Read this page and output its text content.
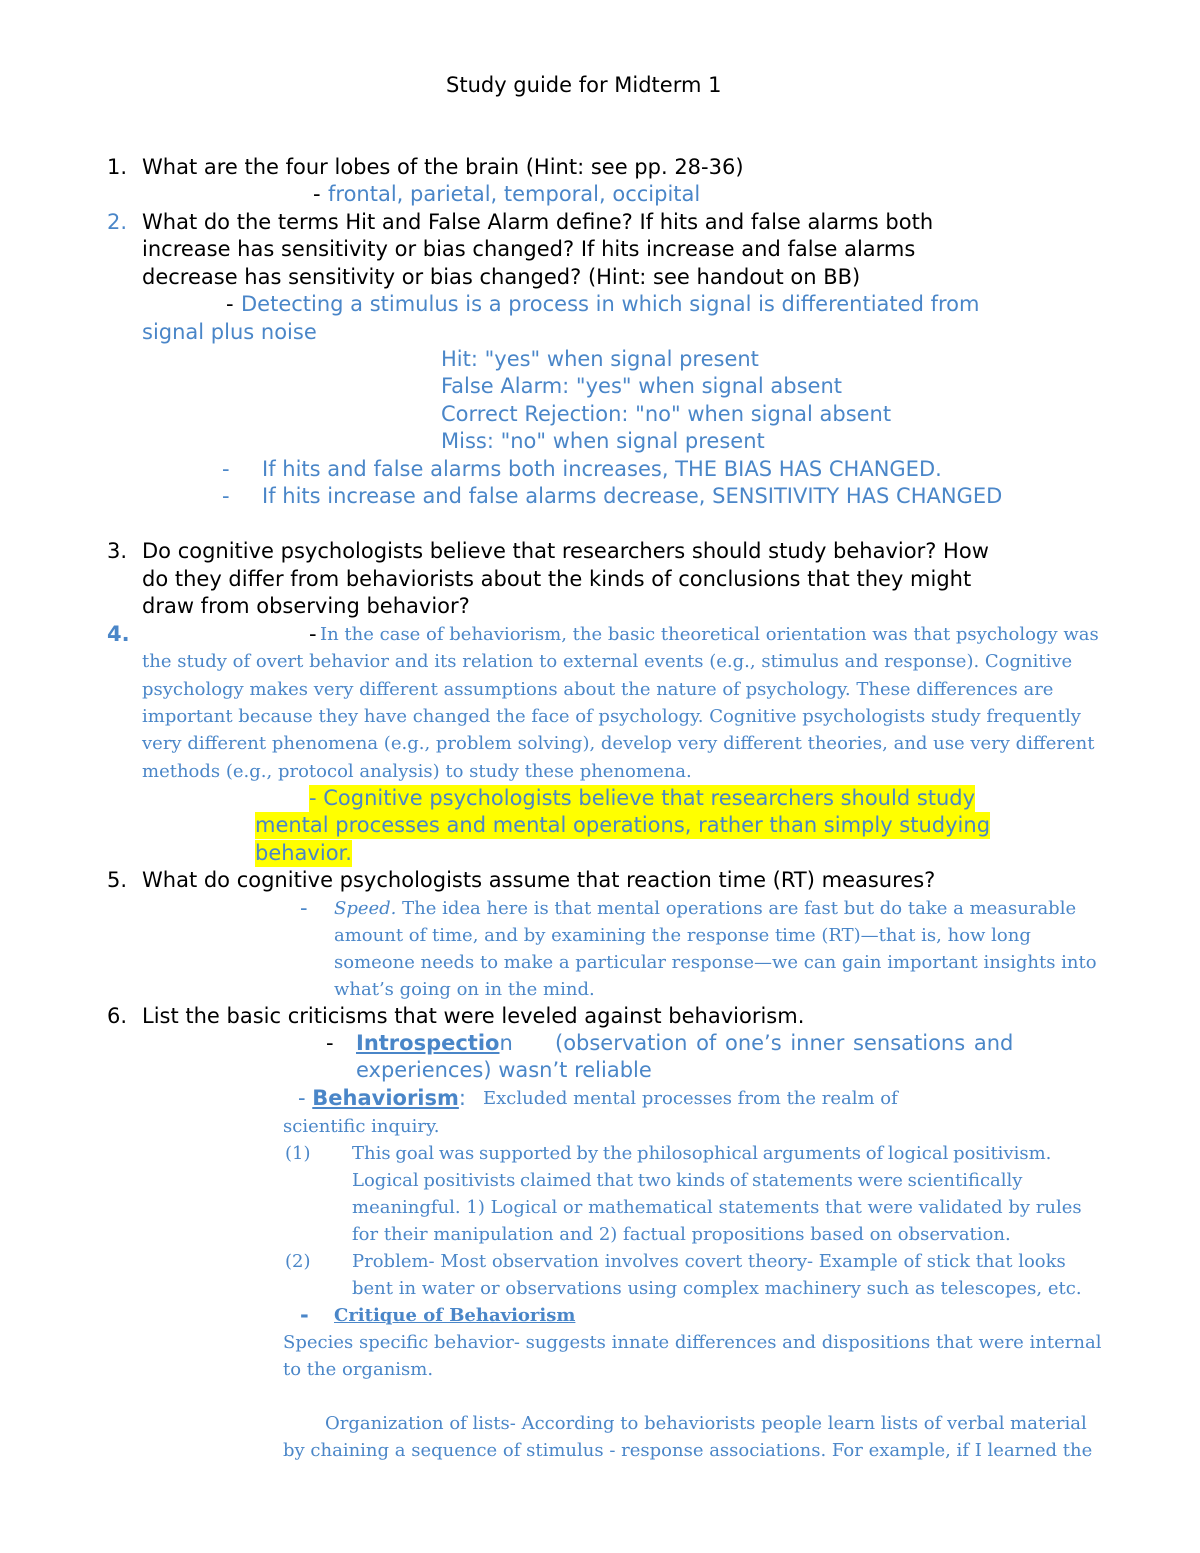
Study guide for Midterm 1
1. What are the four lobes of the brain (Hint: see pp. 28-36)
- frontal, parietal, temporal, occipital
2. What do the terms Hit and False Alarm define? If hits and false alarms both
increase has sensitivity or bias changed? If hits increase and false alarms
decrease has sensitivity or bias changed? (Hint: see handout on BB)
- Detecting a stimulus is a process in which signal is differentiated from
signal plus noise
Hit: "yes" when signal present
False Alarm: "yes" when signal absent
Correct Rejection: "no" when signal absent
Miss: "no" when signal present
- If hits and false alarms both increases, THE BIAS HAS CHANGED.
- If hits increase and false alarms decrease, SENSITIVITY HAS CHANGED
3. Do cognitive psychologists believe that researchers should study behavior? How
do they differ from behaviorists about the kinds of conclusions that they might
draw from observing behavior?
4.	- In the case of behaviorism, the basic theoretical orientation was that psychology was
the study of overt behavior and its relation to external events (e.g., stimulus and response). Cognitive
psychology makes very different assumptions about the nature of psychology. These differences are
important because they have changed the face of psychology. Cognitive psychologists study frequently
very different phenomena (e.g., problem solving), develop very different theories, and use very different
methods (e.g., protocol analysis) to study these phenomena.
- Cognitive psychologists believe that researchers should study
mental processes and mental operations, rather than simply studying
behavior.
5. What do cognitive psychologists assume that reaction time (RT) measures?
- Speed. The idea here is that mental operations are fast but do take a measurable
amount of time, and by examining the response time (RT)—that is, how long
someone needs to make a particular response—we can gain important insights into
what’s going on in the mind.
6. List the basic criticisms that were leveled against behaviorism.
- Introspection (observation of one’s inner sensations and
experiences) wasn’t reliable
- Behaviorism: Excluded mental processes from the realm of
scientific inquiry.
(1) This goal was supported by the philosophical arguments of logical positivism.
Logical positivists claimed that two kinds of statements were scientifically
meaningful. 1) Logical or mathematical statements that were validated by rules
for their manipulation and 2) factual propositions based on observation.
(2) Problem- Most observation involves covert theory- Example of stick that looks
bent in water or observations using complex machinery such as telescopes, etc.
- Critique of Behaviorism
Species specific behavior- suggests innate differences and dispositions that were internal
to the organism.
Organization of lists- According to behaviorists people learn lists of verbal material
by chaining a sequence of stimulus - response associations. For example, if I learned the
